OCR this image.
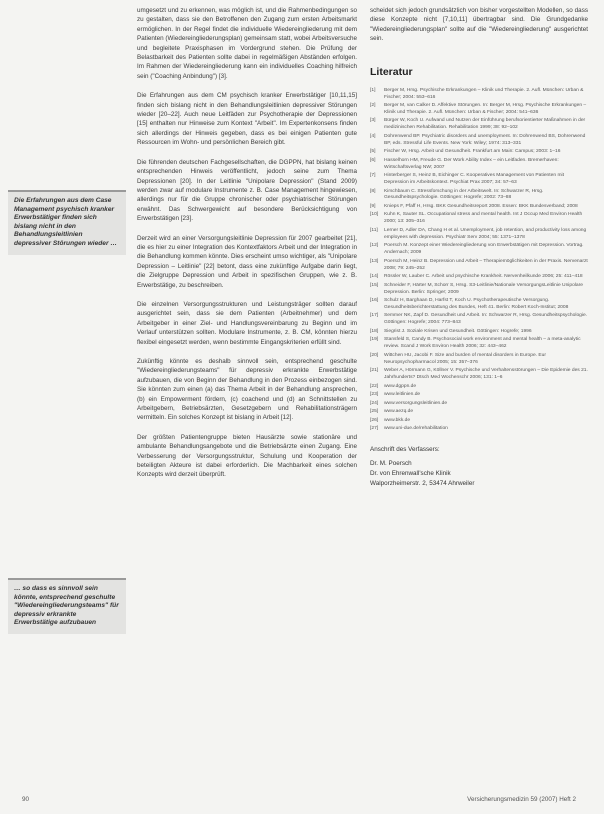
Die Erfahrungen aus dem Case Management psychisch kranker Erwerbstätiger finden sich bislang nicht in den Behandlungsleitlinien depressiver Störungen wieder …
… so dass es sinnvoll sein könnte, entsprechend geschulte "Wiedereingliederungsteams" für depressiv erkrankte Erwerbstätige aufzubauen

umgesetzt und zu erkennen, was möglich ist, und die Rahmenbedingungen so zu gestalten, dass sie den Betroffenen den Zugang zum ersten Arbeitsmarkt ermöglichen. In der Regel findet die individuelle Wiedereingliederung mit dem Patienten (Wiedereingliederungsplan) gemeinsam statt, wobei Arbeitsversuche und begleitete Praxisphasen im Vordergrund stehen. Die Prüfung der Belastbarkeit des Patienten sollte dabei in regelmäßigen Abständen erfolgen. Im Rahmen der Wiedereingliederung kann ein individuelles Coaching hilfreich sein ("Coaching Anbindung") [3].

Die Erfahrungen aus dem CM psychisch kranker Erwerbstätiger [10,11,15] finden sich bislang nicht in den Behandlungsleitlinien depressiver Störungen wieder [20–22]. Auch neue Leitfäden zur Psychotherapie der Depressionen [15] enthalten nur Hinweise zum Kontext "Arbeit". Im Expertenkonsens finden sich allerdings der Hinweis gegeben, dass es bei einigen Patienten gute Ressourcen im Wohn- und persönlichen Bereich gibt.

Die führenden deutschen Fachgesellschaften, die DGPPN, hat bislang keinen entsprechenden Hinweis veröffentlicht, jedoch seine zum Thema Depressionen [20]. In der Leitlinie "Unipolare Depression" (Stand 2009) werden zwar auf modulare Instrumente z. B. Case Management hingewiesen, allerdings nur für die Gruppe chronischer oder psychiatrischer Störungen erwähnt. Das Schwergewicht auf besondere Berücksichtigung von Erwerbstätigen [23].

Derzeit wird an einer Versorgungsleitlinie Depression für 2007 gearbeitet [21], die es hier zu einer Integration des Kontextfaktors Arbeit und der Integration in die Behandlung kommen könnte. Dies erscheint umso wichtiger, als "Unipolare Depression – Leitlinie" [22] betont, dass eine zukünftige Aufgabe darin liegt, die Zielgruppe Depression und Arbeit in spezifischen Gruppen, wie z. B. Erwerbstätige, zu beschreiben.

Die einzelnen Versorgungsstrukturen und Leistungsträger sollten darauf ausgerichtet sein, dass sie dem Patienten (Arbeitnehmer) und dem Arbeitgeber in einer Ziel- und Handlungsvereinbarung zu Beginn und im Verlauf unterstützen sollten. Modulare Instrumente, z. B. CM, könnten hierzu flexibel eingesetzt werden, wenn bestimmte Eingangskriterien erfüllt sind.

Zukünftig könnte es deshalb sinnvoll sein, entsprechend geschulte "Wiedereingliederungsteams" für depressiv erkrankte Erwerbstätige aufzubauen, die von Beginn der Behandlung in den Prozess einbezogen sind. Sie könnten zum einen (a) das Thema Arbeit in der Behandlung ansprechen, (b) ein Empowerment fördern, (c) coachend und (d) an Schnittstellen zu Arbeitgebern, Betriebsärzten, Gesetzgebern und Rehabilitationsträgern vermitteln. Ein solches Konzept ist bislang in Arbeit [12].

Der größten Patientengruppe bieten Hausärzte sowie stationäre und ambulante Behandlungsangebote und die Betriebsärzte einen Zugang. Eine Verbesserung der Versorgungsstruktur, Schulung und Kooperation der beteiligten Akteure ist dabei erforderlich. Die Machbarkeit eines solchen Konzepts wird derzeit überprüft.

scheidet sich jedoch grundsätzlich von bisher vorgestellten Modellen, so dass diese Konzepte nicht [7,10,11] übertragbar sind. Die Grundgedanke "Wiedereingliederungsplan" sollte auf die "Wiedereingliederung" ausgerichtet sein.

Literatur
[1]	Berger M, Hrsg. Psychische Erkrankungen – Klinik und Therapie. 2. Aufl. München: Urban & Fischer; 2004: 553–616
[2]	Berger M, van Calker D. Affektive Störungen. In: Berger M, Hrsg. Psychische Erkrankungen – Klinik und Therapie. 2. Aufl. München: Urban & Fischer; 2004: 541–636
[3]	Bürger W, Koch U. Aufwand und Nutzen der Einführung berufsorientierter Maßnahmen in der medizinischen Rehabilitation. Rehabilitation 1999; 38: 92–102
[4]	Dohrenwend BP. Psychiatric disorders and unemployment. In: Dohrenwend BS, Dohrenwend BP, eds. Stressful Life Events. New York: Wiley; 1974: 313–331
[5]	Fischer W, Hrsg. Arbeit und Gesundheit. Frankfurt am Main: Campus; 2003: 1–16
[6]	Hasselhorn HM, Freude G. Der Work Ability Index – ein Leitfaden. Bremerhaven: Wirtschaftsverlag NW; 2007
[7]	Hinterberger S, Heinz B, Eichinger C. Kooperatives Management von Patienten mit Depression im Arbeitskontext. Psychiat Prax 2007; 34: 57–63
[8]	Kirschbaum C. Stressforschung in der Arbeitswelt. In: Schwarzer R, Hrsg. Gesundheitspsychologie. Göttingen: Hogrefe; 2002: 73–88
[9]	Knieps F, Pfaff H, Hrsg. BKK Gesundheitsreport 2008. Essen: BKK Bundesverband; 2008
[10]	Kuhn K, Sauter SL. Occupational stress and mental health. Int J Occup Med Environ Health 2000; 13: 305–316
[11]	Lerner D, Adler DA, Chang H et al. Unemployment, job retention, and productivity loss among employees with depression. Psychiatr Serv 2004; 55: 1371–1378
[12]	Poersch M. Konzept einer Wiedereingliederung von Erwerbstätigen mit Depression. Vortrag. Andernach; 2009
[13]	Poersch M, Heinz B. Depression und Arbeit – Therapiemöglichkeiten in der Praxis. Nervenarzt 2008; 79: 245–252
[14]	Rössler W, Lauber C. Arbeit und psychische Krankheit. Nervenheilkunde 2006; 25: 411–418
[15]	Schneider F, Härter M, Schorr S, Hrsg. S3-Leitlinie/Nationale VersorgungsLeitlinie Unipolare Depression. Berlin: Springer; 2009
[16]	Schulz H, Barghaan D, Harfst T, Koch U. Psychotherapeutische Versorgung. Gesundheitsberichterstattung des Bundes, Heft 41. Berlin: Robert Koch-Institut; 2008
[17]	Semmer NK, Zapf D. Gesundheit und Arbeit. In: Schwarzer R, Hrsg. Gesundheitspsychologie. Göttingen: Hogrefe; 2004: 773–843
[18]	Siegrist J. Soziale Krisen und Gesundheit. Göttingen: Hogrefe; 1996
[19]	Stansfeld S, Candy B. Psychosocial work environment and mental health – a meta-analytic review. Scand J Work Environ Health 2006; 32: 443–462
[20]	Wittchen HU, Jacobi F. Size and burden of mental disorders in Europe. Eur Neuropsychopharmacol 2005; 15: 357–376
[21]	Weber A, Hörmann G, Köllner V. Psychische und Verhaltensstörungen – Die Epidemie des 21. Jahrhunderts? Dtsch Med Wochenschr 2006; 131: 1–6
[22]	www.dgppn.de
[23]	www.leitlinien.de
[24]	www.versorgungsleitlinien.de
[25]	www.aezq.de
[26]	www.bkk.de
[27]	www.uni-due.de/rehabilitation
Anschrift des Verfassers:
Dr. M. Poersch
Dr. von Ehrenwall'sche Klinik
Walporzheimerstr. 2, 53474 Ahrweiler
90	Versicherungsmedizin 59 (2007) Heft 2
